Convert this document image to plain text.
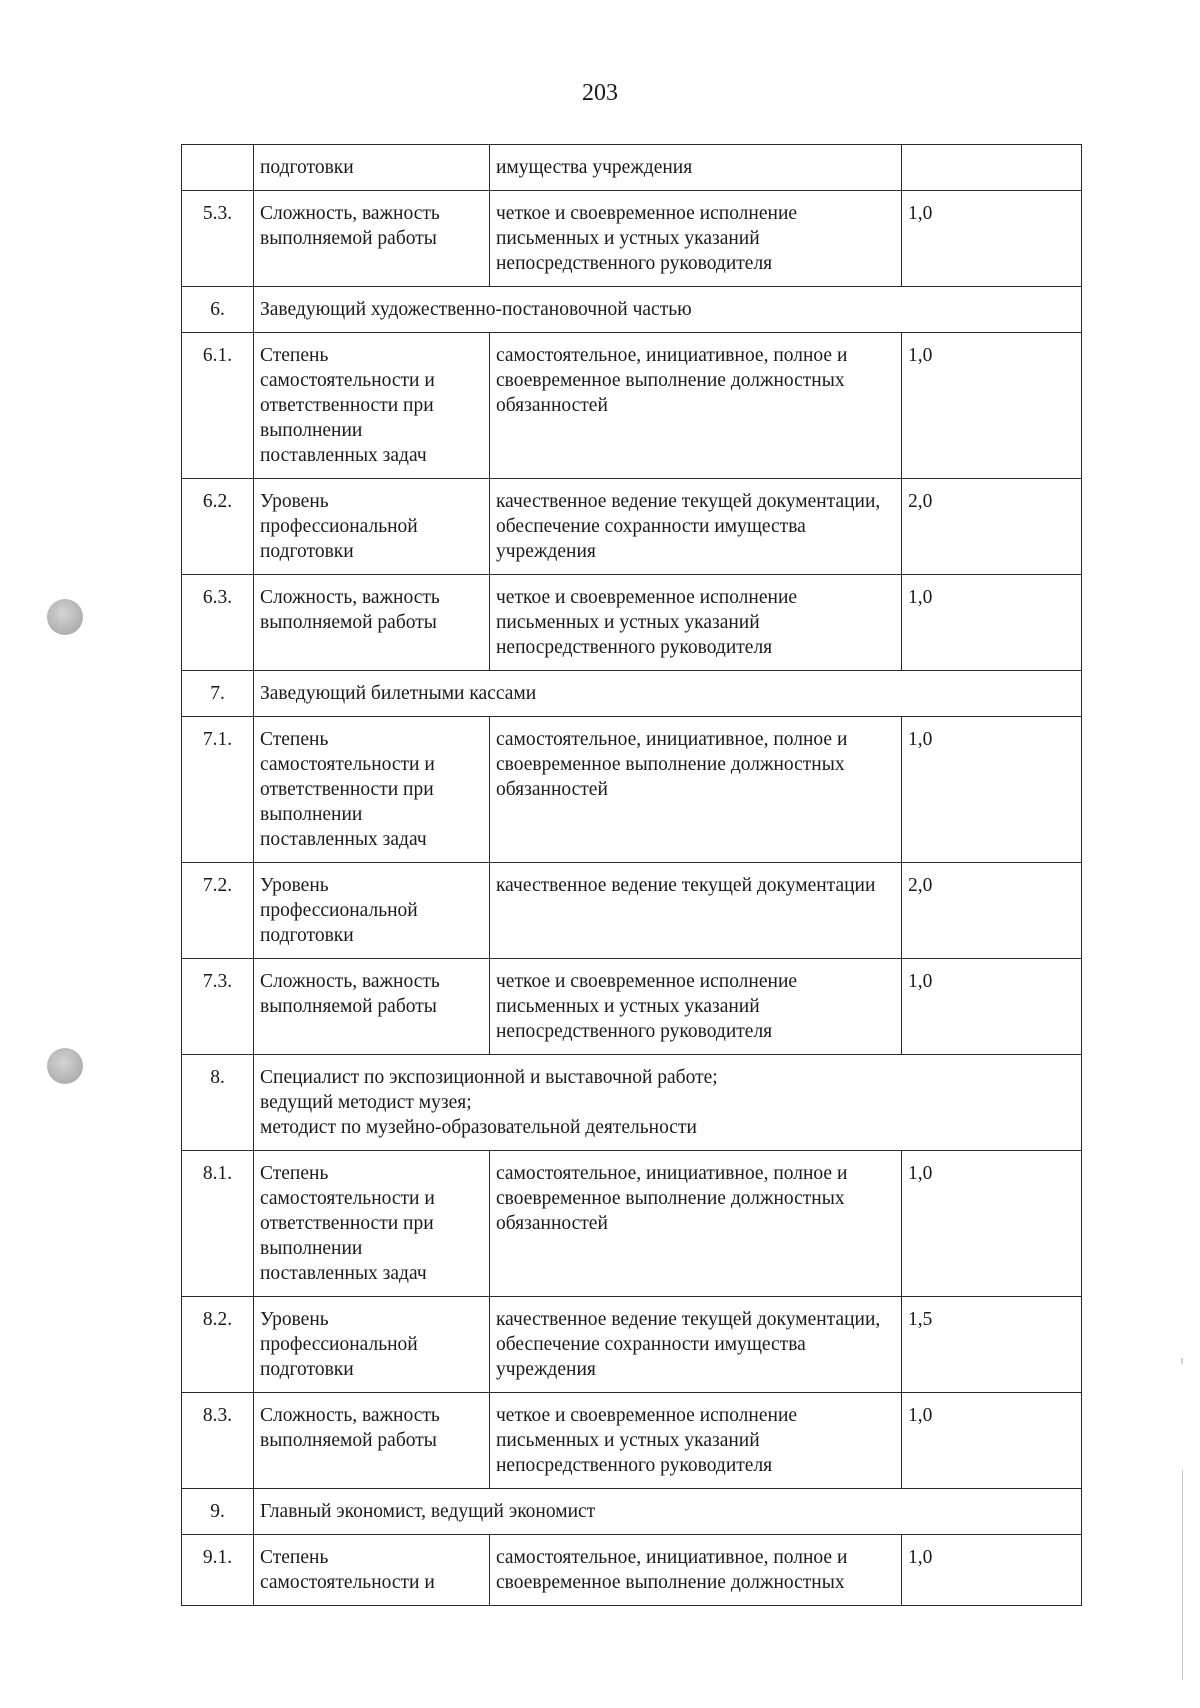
203
	подготовки	имущества учреждения	
5.3.	Сложность, важность выполняемой работы	четкое и своевременное исполнение письменных и устных указаний непосредственного руководителя	1,0
6.	Заведующий художественно-постановочной частью		
6.1.	Степень самостоятельности и ответственности при выполнении поставленных задач	самостоятельное, инициативное, полное и своевременное выполнение должностных обязанностей	1,0
6.2.	Уровень профессиональной подготовки	качественное ведение текущей документации, обеспечение сохранности имущества учреждения	2,0
6.3.	Сложность, важность выполняемой работы	четкое и своевременное исполнение письменных и устных указаний непосредственного руководителя	1,0
7.	Заведующий билетными кассами		
7.1.	Степень самостоятельности и ответственности при выполнении поставленных задач	самостоятельное, инициативное, полное и своевременное выполнение должностных обязанностей	1,0
7.2.	Уровень профессиональной подготовки	качественное ведение текущей документации	2,0
7.3.	Сложность, важность выполняемой работы	четкое и своевременное исполнение письменных и устных указаний непосредственного руководителя	1,0
8.	Специалист по экспозиционной и выставочной работе;
ведущий методист музея;
методист по музейно-образовательной деятельности		
8.1.	Степень самостоятельности и ответственности при выполнении поставленных задач	самостоятельное, инициативное, полное и своевременное выполнение должностных обязанностей	1,0
8.2.	Уровень профессиональной подготовки	качественное ведение текущей документации, обеспечение сохранности имущества учреждения	1,5
8.3.	Сложность, важность выполняемой работы	четкое и своевременное исполнение письменных и устных указаний непосредственного руководителя	1,0
9.	Главный экономист, ведущий экономист		
9.1.	Степень самостоятельности и	самостоятельное, инициативное, полное и своевременное выполнение должностных	1,0
